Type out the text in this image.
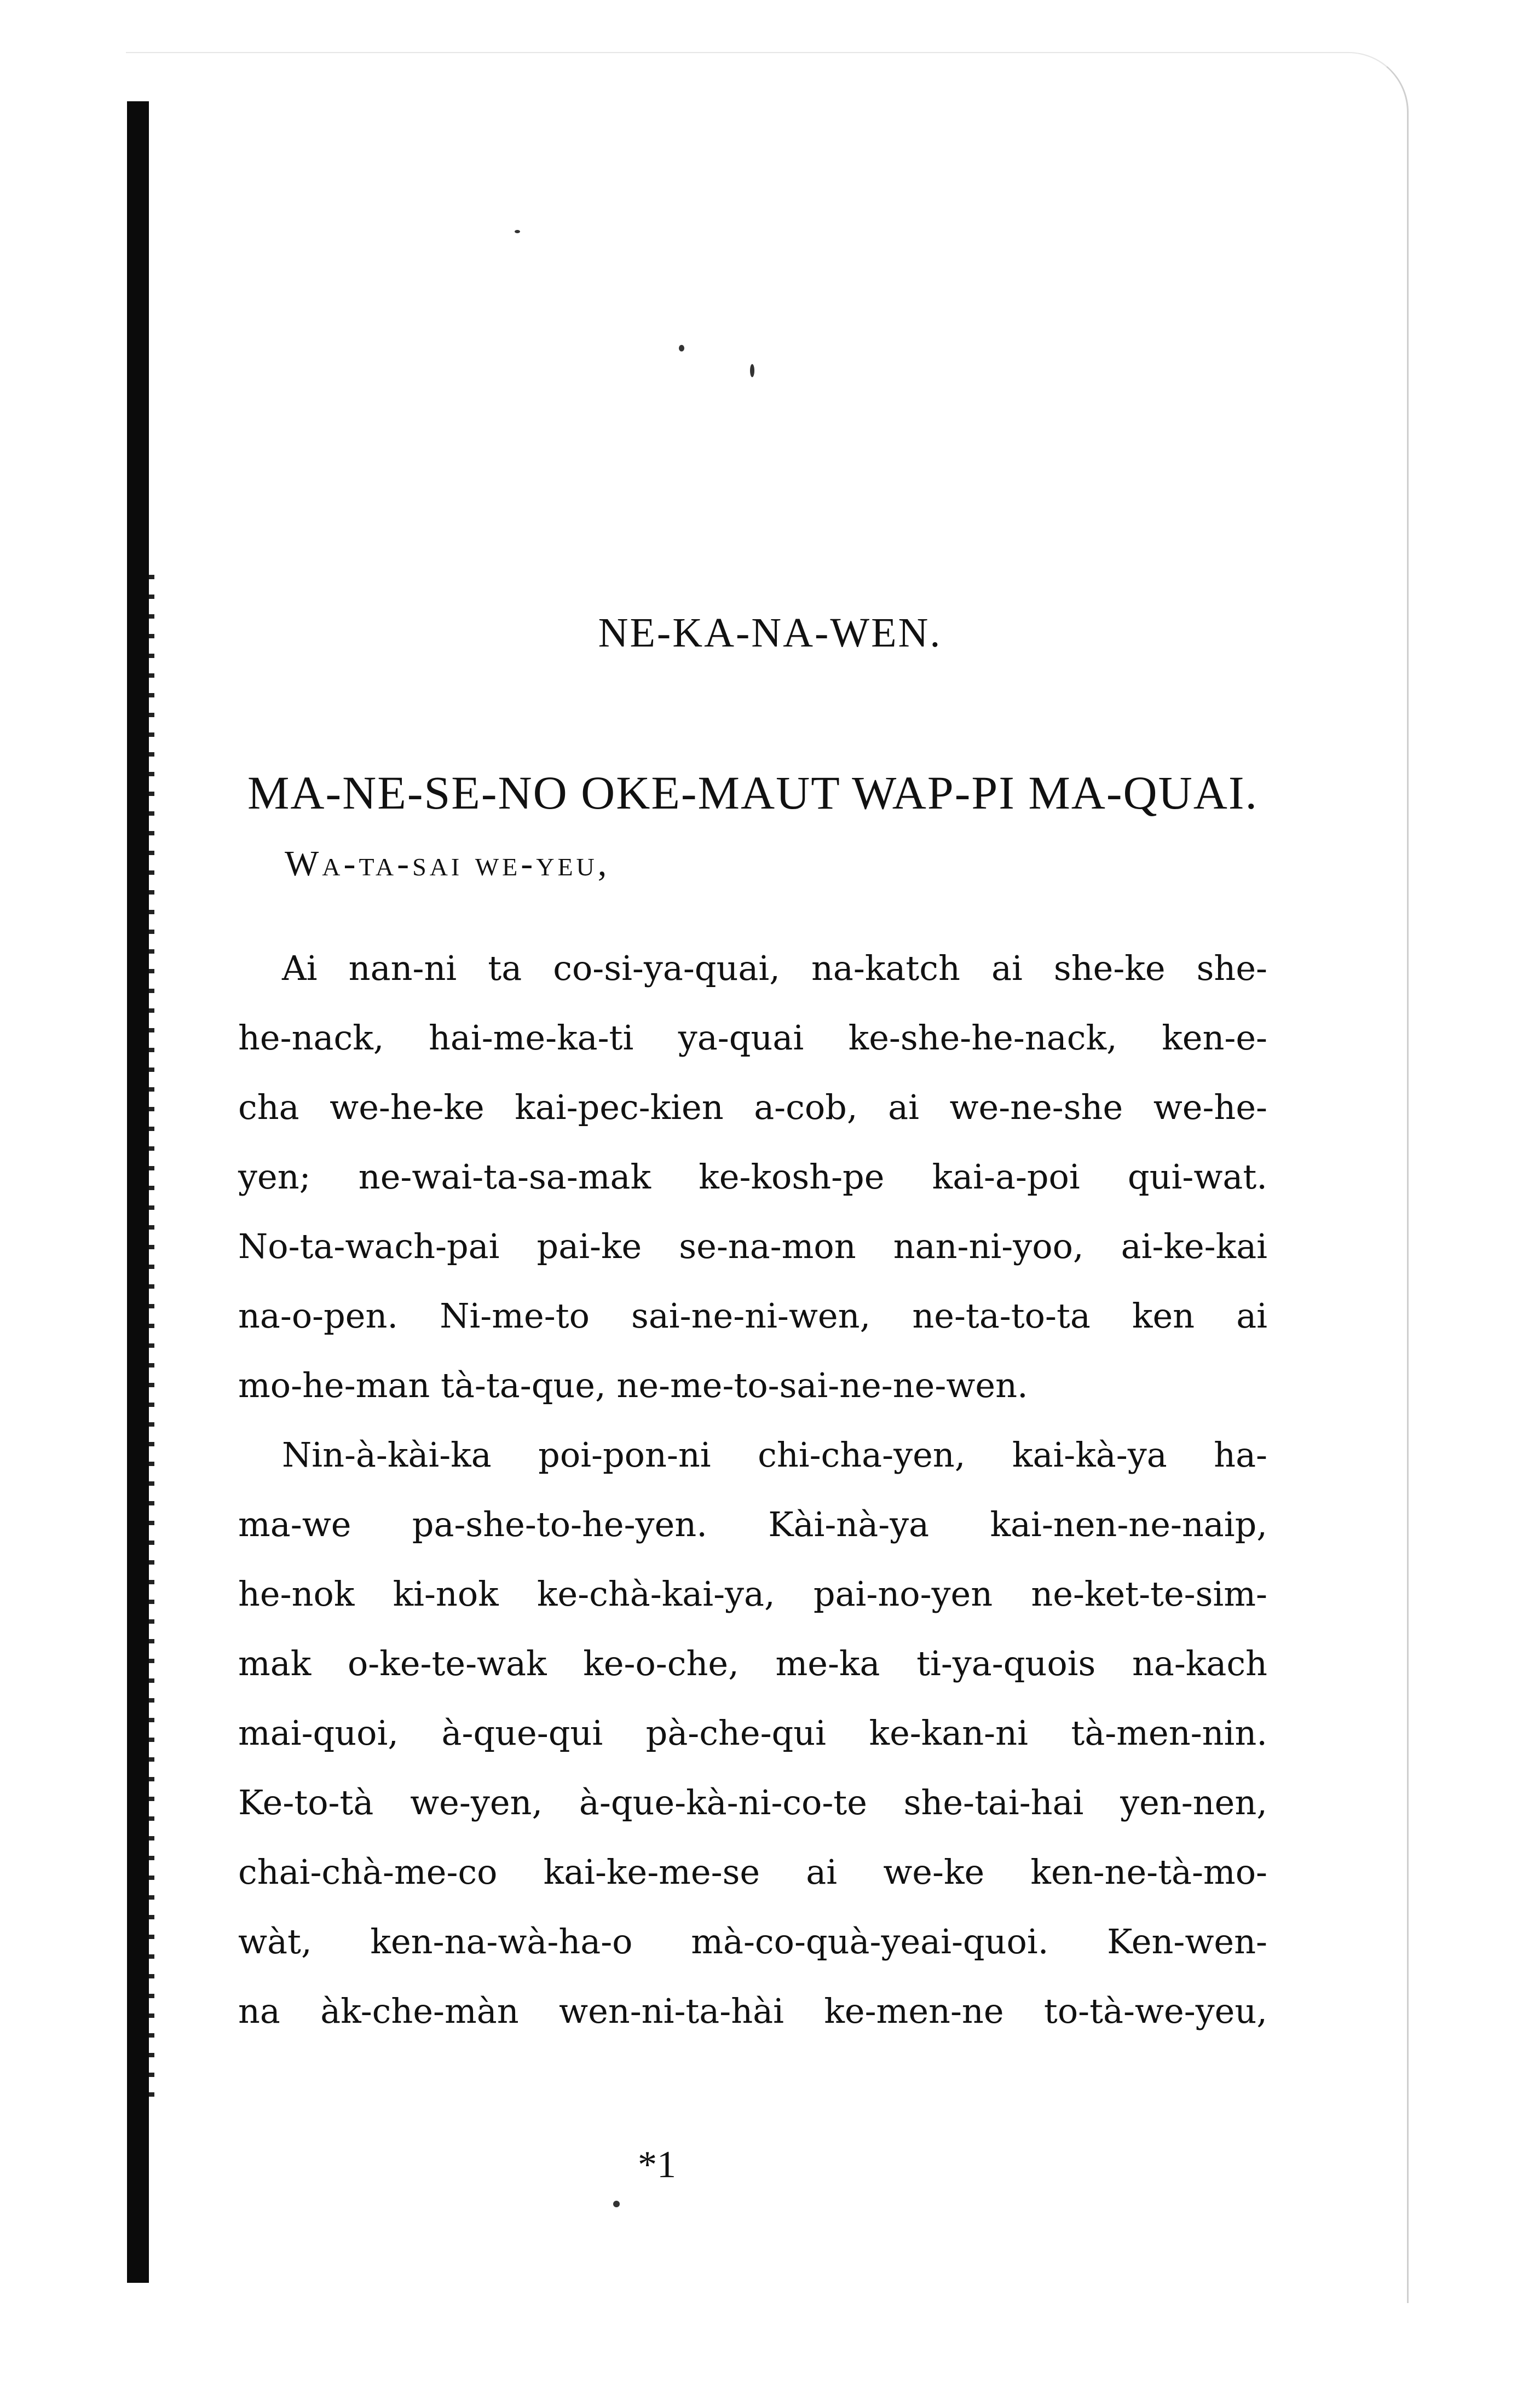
NE-KA-NA-WEN.
MA-NE-SE-NO OKE-MAUT WAP-PI MA-QUAI.
Wa-ta-sai we-yeu,
Ai nan-ni ta co-si-ya-quai, na-katch ai she-ke she-
he-nack, hai-me-ka-ti ya-quai ke-she-he-nack, ken-e-
cha we-he-ke kai-pec-kien a-cob, ai we-ne-she we-he-
yen; ne-wai-ta-sa-mak ke-kosh-pe kai-a-poi qui-wat.
No-ta-wach-pai pai-ke se-na-mon nan-ni-yoo, ai-ke-kai
na-o-pen. Ni-me-to sai-ne-ni-wen, ne-ta-to-ta ken ai
mo-he-man tà-ta-que, ne-me-to-sai-ne-ne-wen.
Nin-à-kài-ka poi-pon-ni chi-cha-yen, kai-kà-ya ha-
ma-we pa-she-to-he-yen. Kài-nà-ya kai-nen-ne-naip,
he-nok ki-nok ke-chà-kai-ya, pai-no-yen ne-ket-te-sim-
mak o-ke-te-wak ke-o-che, me-ka ti-ya-quois na-kach
mai-quoi, à-que-qui pà-che-qui ke-kan-ni tà-men-nin.
Ke-to-tà we-yen, à-que-kà-ni-co-te she-tai-hai yen-nen,
chai-chà-me-co kai-ke-me-se ai we-ke ken-ne-tà-mo-
wàt, ken-na-wà-ha-o mà-co-quà-yeai-quoi. Ken-wen-
na àk-che-màn wen-ni-ta-hài ke-men-ne to-tà-we-yeu,
*1
